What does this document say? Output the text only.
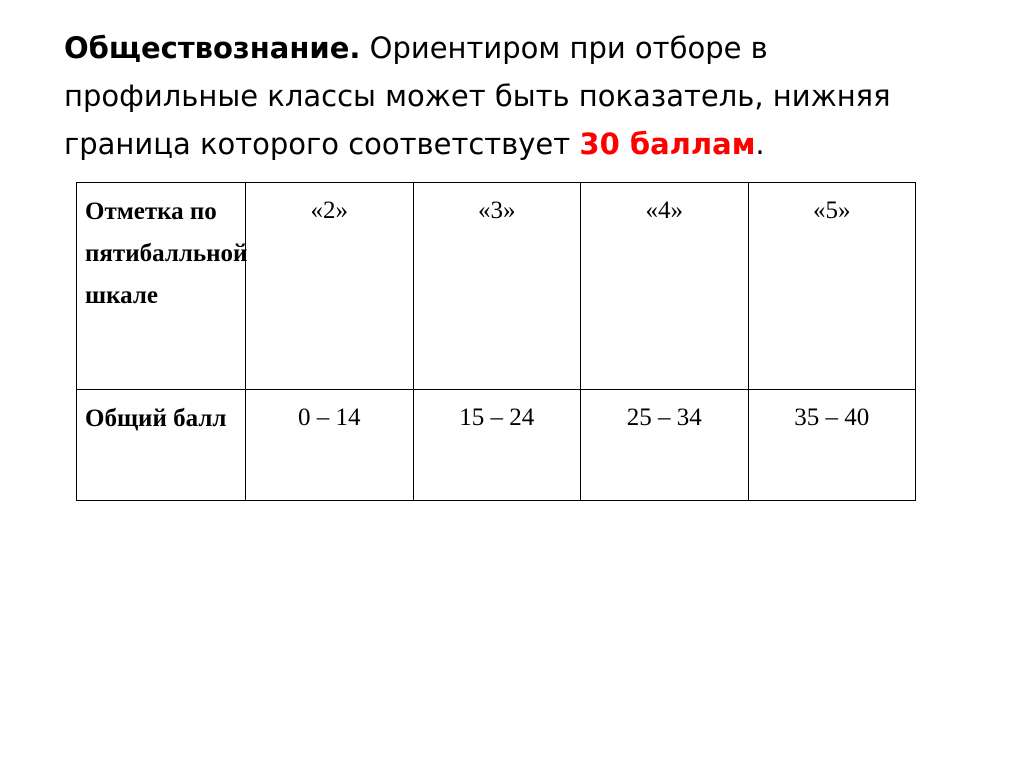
Обществознание. Ориентиром при отборе в профильные классы может быть показатель, нижняя граница которого соответствует 30 баллам.

Отметка по пятибалльной шкале	«2»	«3»	«4»	«5»
Общий балл	0 – 14	15 – 24	25 – 34	35 – 40
